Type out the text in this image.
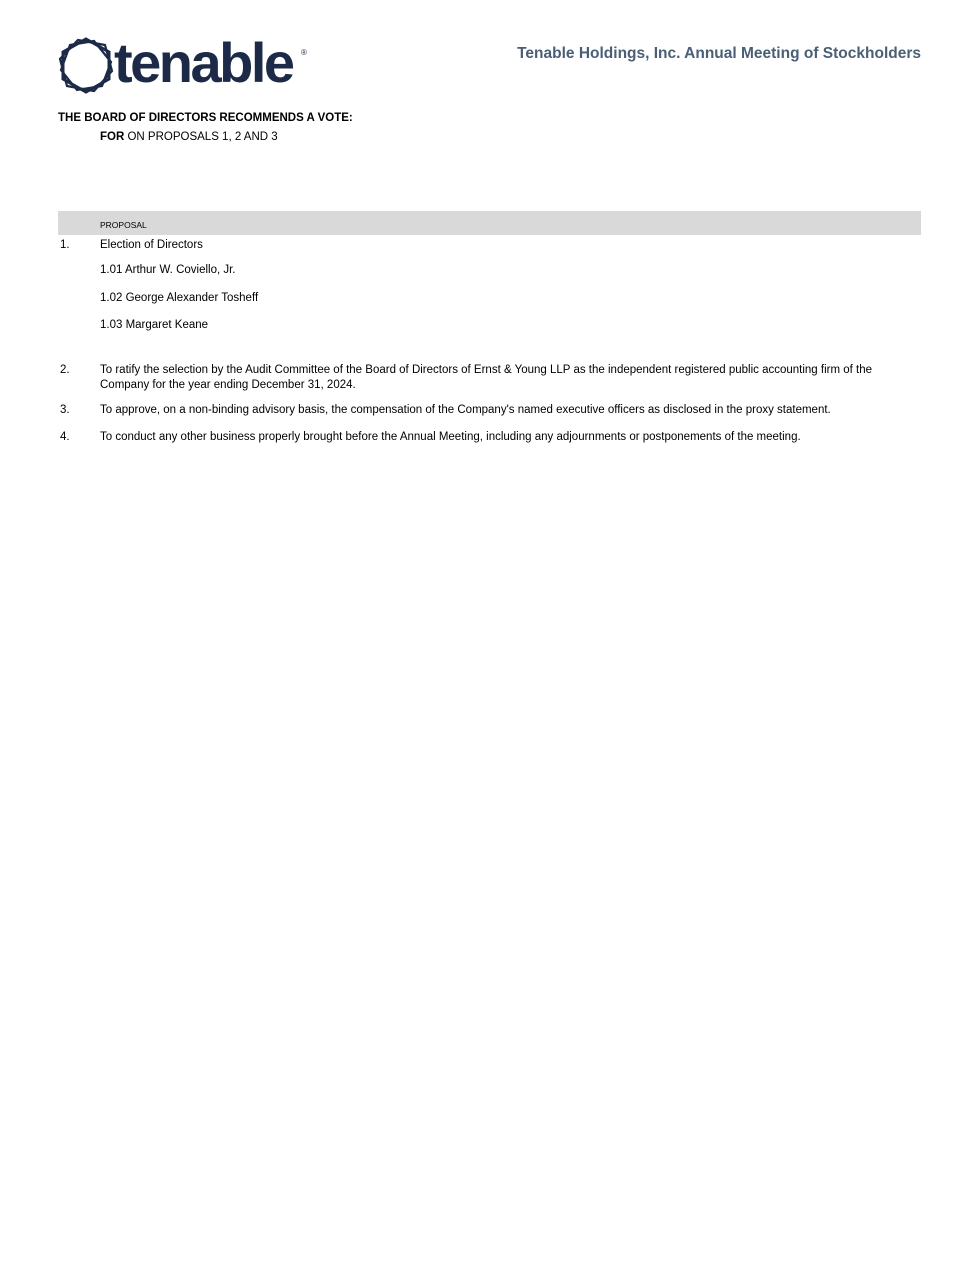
tenable ®	Tenable Holdings, Inc. Annual Meeting of Stockholders
THE BOARD OF DIRECTORS RECOMMENDS A VOTE:
FOR ON PROPOSALS 1, 2 AND 3
PROPOSAL
1.	Election of Directors
1.01 Arthur W. Coviello, Jr.
1.02 George Alexander Tosheff
1.03 Margaret Keane
2.	To ratify the selection by the Audit Committee of the Board of Directors of Ernst & Young LLP as the independent registered public accounting firm of the Company for the year ending December 31, 2024.
3.	To approve, on a non-binding advisory basis, the compensation of the Company's named executive officers as disclosed in the proxy statement.
4.	To conduct any other business properly brought before the Annual Meeting, including any adjournments or postponements of the meeting.
